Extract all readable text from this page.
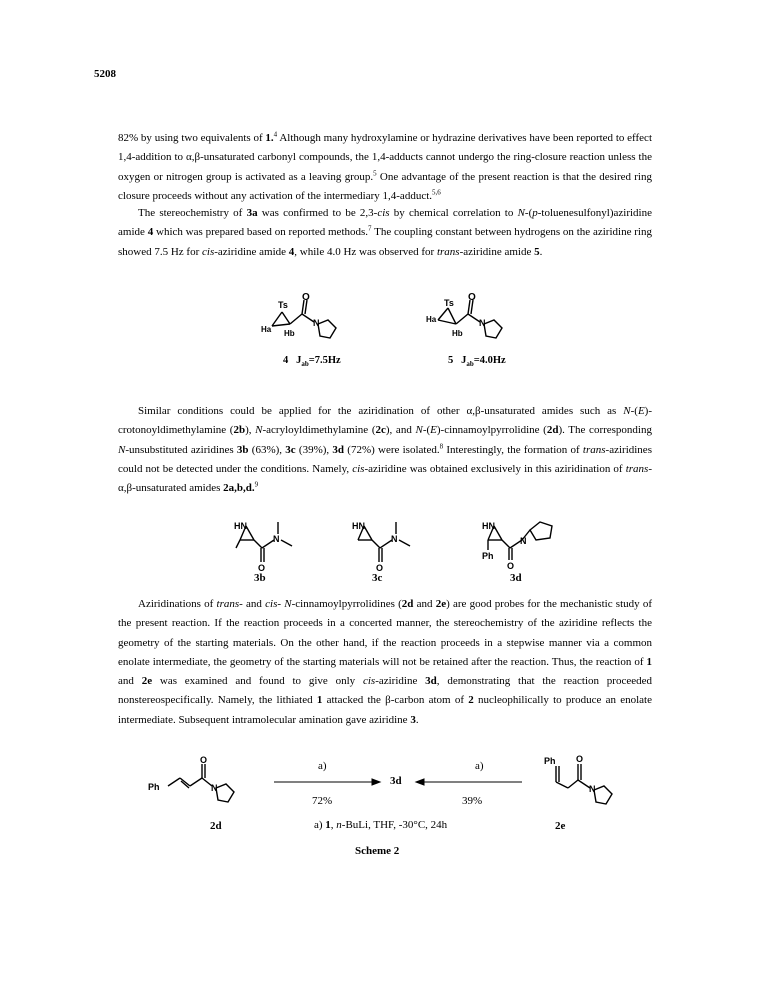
5208

82% by using two equivalents of 1.$^4$ Although many hydroxylamine or hydrazine derivatives have been reported to effect 1,4-addition to α,β-unsaturated carbonyl compounds, the 1,4-adducts cannot undergo the ring-closure reaction unless the oxygen or nitrogen group is activated as a leaving group.$^5$ One advantage of the present reaction is that the desired ring closure proceeds without any activation of the intermediary 1,4-adduct.$^{5,6}$

The stereochemistry of 3a was confirmed to be 2,3-cis by chemical correlation to N-(p-toluenesulfonyl)aziridine amide 4 which was prepared based on reported methods.$^7$ The coupling constant between hydrogens on the aziridine ring showed 7.5 Hz for cis-aziridine amide 4, while 4.0 Hz was observed for trans-aziridine amide 5.

Ts
O
N
Ha Hb
Ts O
N
Ha
Hb
4 $J_{ab}=7.5Hz$	5 $J_{ab}=4.0Hz$

Similar conditions could be applied for the aziridination of other α,β-unsaturated amides such as N-(E)-crotonoyldimethylamine (2b), N-acryloyldimethylamine (2c), and N-(E)-cinnamoylpyrrolidine (2d). The corresponding N-unsubstituted aziridines 3b (63%), 3c (39%), 3d (72%) were isolated.$^8$ Interestingly, the formation of trans-aziridines could not be detected under the conditions. Namely, cis-aziridine was obtained exclusively in this aziridination of trans-α,β-unsaturated amides 2a,b,d.$^9$

HN
N
O
HN
N
O
HN
N
Ph
O
3b	3c	3d

Aziridinations of trans- and cis- N-cinnamoylpyrrolidines (2d and 2e) are good probes for the mechanistic study of the present reaction. If the reaction proceeds in a concerted manner, the stereochemistry of the aziridine reflects the geometry of the starting materials. On the other hand, if the reaction proceeds in a stepwise manner via a common enolate intermediate, the geometry of the starting materials will not be retained after the reaction. Thus, the reaction of 1 and 2e was examined and found to give only cis-aziridine 3d, demonstrating that the reaction proceeded nonstereospecifically. Namely, the lithiated 1 attacked the β-carbon atom of 2 nucleophilically to produce an enolate intermediate. Subsequent intramolecular amination gave aziridine 3.

Ph
O
N
Ph O
N
a)	a)
3d
72%	39%
2d	2e
a) 1, n-BuLi, THF, -30°C, 24h
Scheme 2
